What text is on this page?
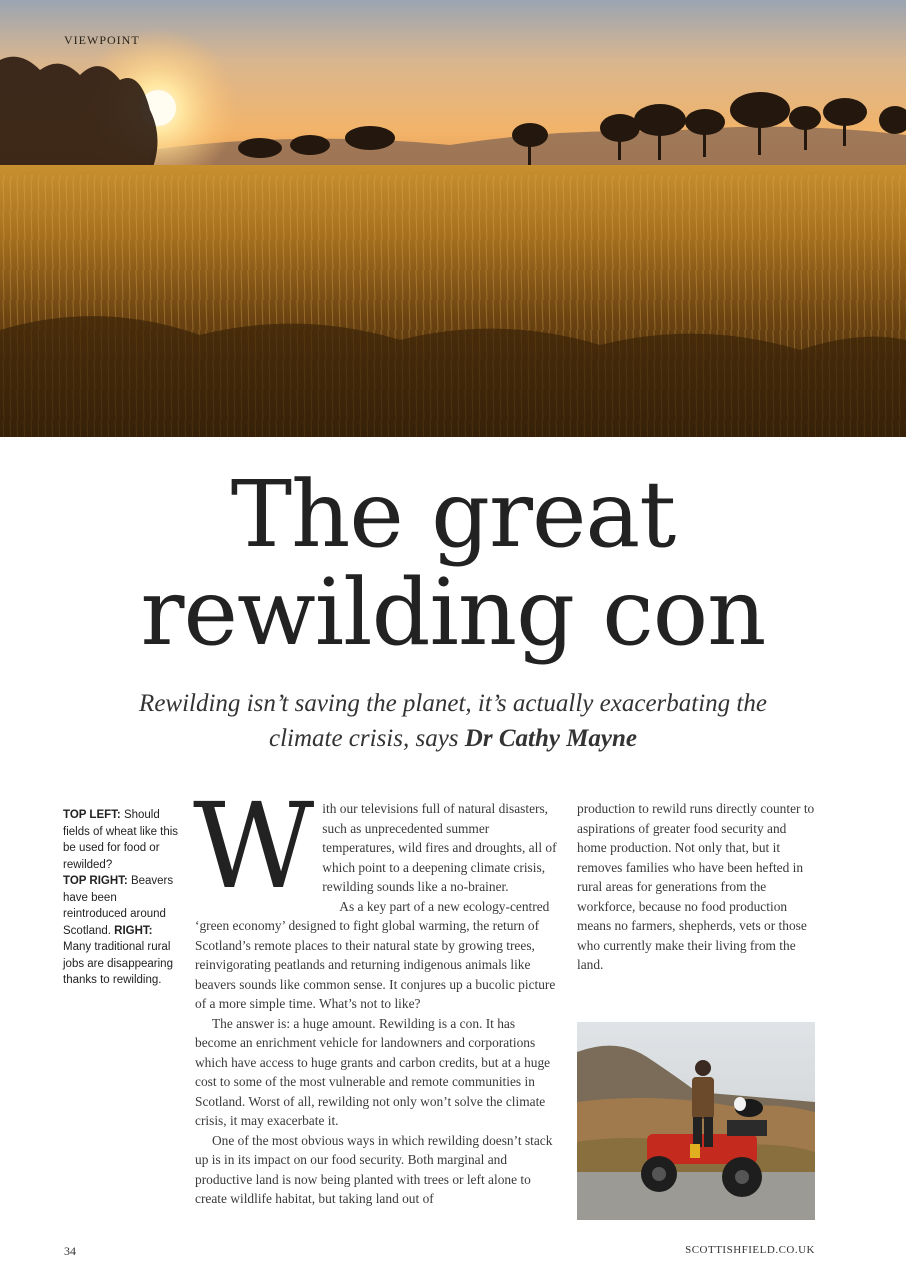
VIEWPOINT
The great
rewilding con
Rewilding isn’t saving the planet, it’s actually exacerbating the climate crisis, says Dr Cathy Mayne
TOP LEFT: Should fields of wheat like this be used for food or rewilded?
TOP RIGHT: Beavers have been reintroduced around Scotland. RIGHT: Many traditional rural jobs are disappearing thanks to rewilding.

With our televisions full of natural disasters, such as unprecedented summer temperatures, wild fires and droughts, all of which point to a deepening climate crisis, rewilding sounds like a no-brainer.

As a key part of a new ecology-centred ‘green economy’ designed to fight global warming, the return of Scotland’s remote places to their natural state by growing trees, reinvigorating peatlands and returning indigenous animals like beavers sounds like common sense. It conjures up a bucolic picture of a more simple time. What’s not to like?

The answer is: a huge amount. Rewilding is a con. It has become an enrichment vehicle for landowners and corporations which have access to huge grants and carbon credits, but at a huge cost to some of the most vulnerable and remote communities in Scotland. Worst of all, rewilding not only won’t solve the climate crisis, it may exacerbate it.

One of the most obvious ways in which rewilding doesn’t stack up is in its impact on our food security. Both marginal and productive land is now being planted with trees or left alone to create wildlife habitat, but taking land out of

production to rewild runs directly counter to aspirations of greater food security and home production. Not only that, but it removes families who have been hefted in rural areas for generations from the workforce, because no food production means no farmers, shepherds, vets or those who currently make their living from the land.

34	SCOTTISHFIELD.CO.UK
